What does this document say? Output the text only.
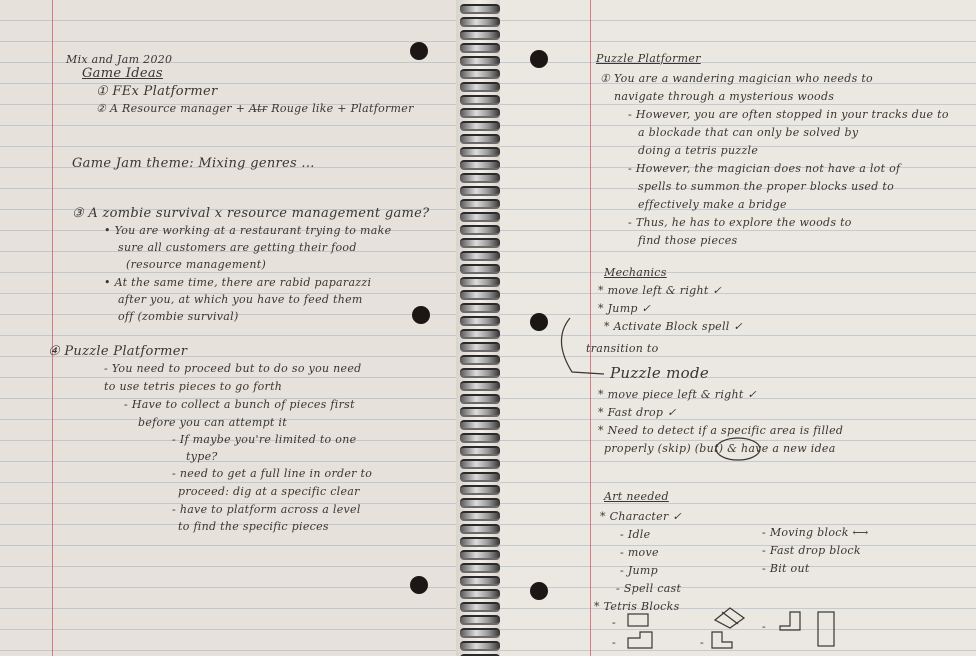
Mix and Jam 2020
Game Ideas
① FEx Platformer
② A Resource manager + A̶t̶r̶ Rouge like + Platformer
Game Jam theme: Mixing genres ...
③ A zombie survival x resource management game?
• You are working at a restaurant trying to make
sure all customers are getting their food
(resource management)
• At the same time, there are rabid paparazzi
after you, at which you have to feed them
off (zombie survival)
④ Puzzle Platformer
- You need to proceed but to do so you need
to use tetris pieces to go forth
- Have to collect a bunch of pieces first
before you can attempt it
- If maybe you're limited to one
type?
- need to get a full line in order to
proceed: dig at a specific clear
- have to platform across a level
to find the specific pieces
Puzzle Platformer
① You are a wandering magician who needs to
navigate through a mysterious woods
- However, you are often stopped in your tracks due to
a blockade that can only be solved by
doing a tetris puzzle
- However, the magician does not have a lot of
spells to summon the proper blocks used to
effectively make a bridge
- Thus, he has to explore the woods to
find those pieces
Mechanics
* move left & right ✓
* Jump ✓
* Activate Block spell ✓
transition to
Puzzle mode
* move piece left & right ✓
* Fast drop ✓
* Need to detect if a specific area is filled
properly (skip) (but) & have a new idea
Art needed
* Character ✓
- Idle
- move
- Jump
- Spell cast
- Moving block ⟷
- Fast drop block
- Bit out
* Tetris Blocks
-
-	-
-
